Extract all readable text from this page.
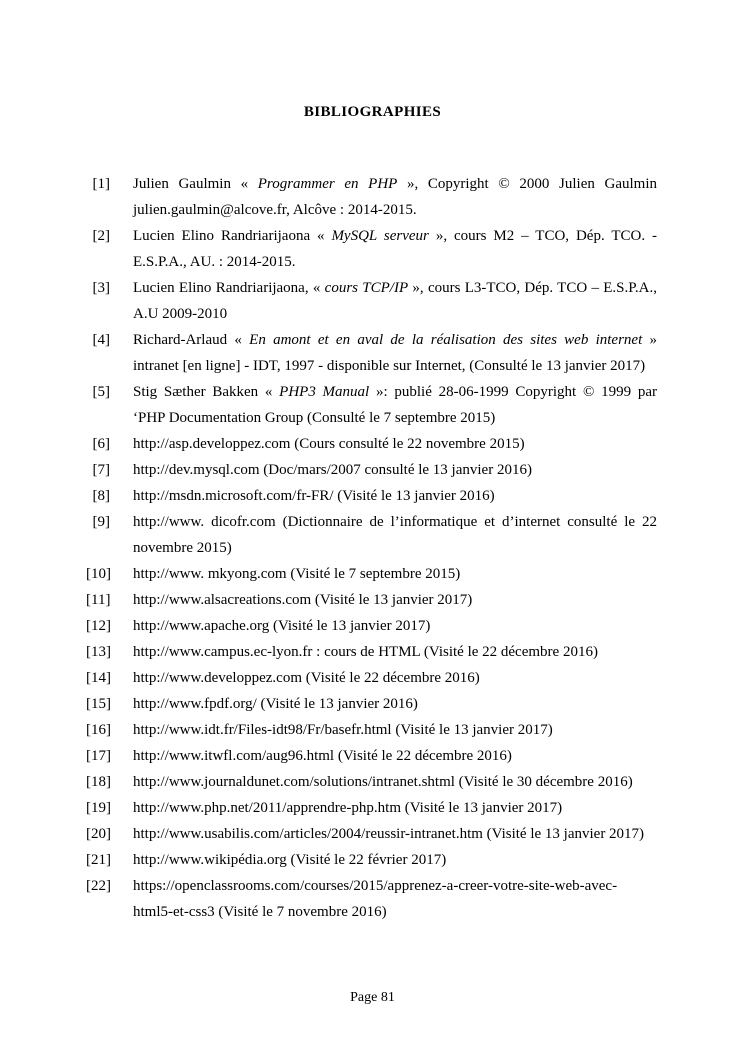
BIBLIOGRAPHIES
[1] Julien Gaulmin « Programmer en PHP », Copyright © 2000 Julien Gaulmin julien.gaulmin@alcove.fr, Alcôve : 2014-2015.
[2] Lucien Elino Randriarijaona « MySQL serveur », cours M2 – TCO, Dép. TCO. - E.S.P.A., AU. : 2014-2015.
[3] Lucien Elino Randriarijaona, « cours TCP/IP », cours L3-TCO, Dép. TCO – E.S.P.A., A.U 2009-2010
[4] Richard-Arlaud « En amont et en aval de la réalisation des sites web internet » intranet [en ligne] - IDT, 1997 - disponible sur Internet, (Consulté le 13 janvier 2017)
[5] Stig Sæther Bakken « PHP3 Manual »: publié 28-06-1999 Copyright © 1999 par ‘PHP Documentation Group (Consulté le 7 septembre 2015)
[6] http://asp.developpez.com (Cours consulté le 22 novembre 2015)
[7] http://dev.mysql.com (Doc/mars/2007 consulté le 13 janvier 2016)
[8] http://msdn.microsoft.com/fr-FR/ (Visité le 13 janvier 2016)
[9] http://www. dicofr.com (Dictionnaire de l’informatique et d’internet consulté le 22 novembre 2015)
[10] http://www. mkyong.com (Visité le 7 septembre 2015)
[11] http://www.alsacreations.com (Visité le 13 janvier 2017)
[12] http://www.apache.org (Visité le 13 janvier 2017)
[13] http://www.campus.ec-lyon.fr : cours de HTML (Visité le 22 décembre 2016)
[14] http://www.developpez.com (Visité le 22 décembre 2016)
[15] http://www.fpdf.org/ (Visité le 13 janvier 2016)
[16] http://www.idt.fr/Files-idt98/Fr/basefr.html (Visité le 13 janvier 2017)
[17] http://www.itwfl.com/aug96.html (Visité le 22 décembre 2016)
[18] http://www.journaldunet.com/solutions/intranet.shtml (Visité le 30 décembre 2016)
[19] http://www.php.net/2011/apprendre-php.htm (Visité le 13 janvier 2017)
[20] http://www.usabilis.com/articles/2004/reussir-intranet.htm (Visité le 13 janvier 2017)
[21] http://www.wikipédia.org (Visité le 22 février 2017)
[22] https://openclassrooms.com/courses/2015/apprenez-a-creer-votre-site-web-avec-html5-et-css3 (Visité le 7 novembre 2016)
Page 81
